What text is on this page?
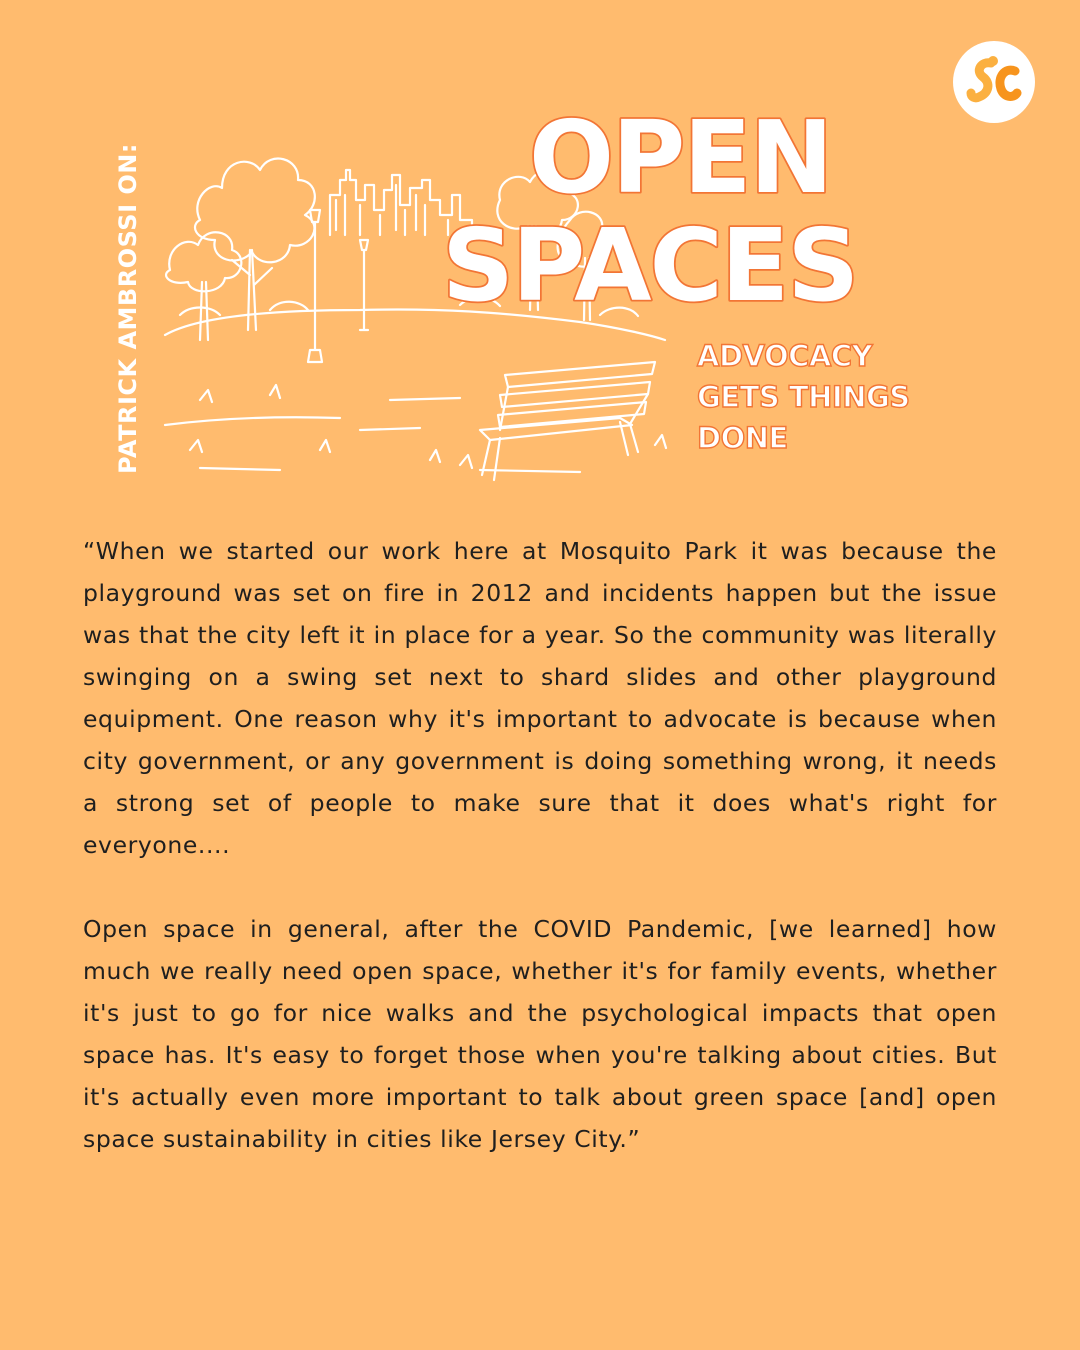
PATRICK AMBROSSI ON:	OPEN
SPACES
ADVOCACY
GETS THINGS
DONE

“When we started our work here at Mosquito Park it was because the playground was set on fire in 2012 and incidents happen but the issue was that the city left it in place for a year. So the community was literally swinging on a swing set next to shard slides and other playground equipment. One reason why it's important to advocate is because when city government, or any government is doing something wrong, it needs a strong set of people to make sure that it does what's right for everyone....

Open space in general, after the COVID Pandemic, [we learned] how much we really need open space, whether it's for family events, whether it's just to go for nice walks and the psychological impacts that open space has. It's easy to forget those when you're talking about cities. But it's actually even more important to talk about green space [and] open space sustainability in cities like Jersey City.”
